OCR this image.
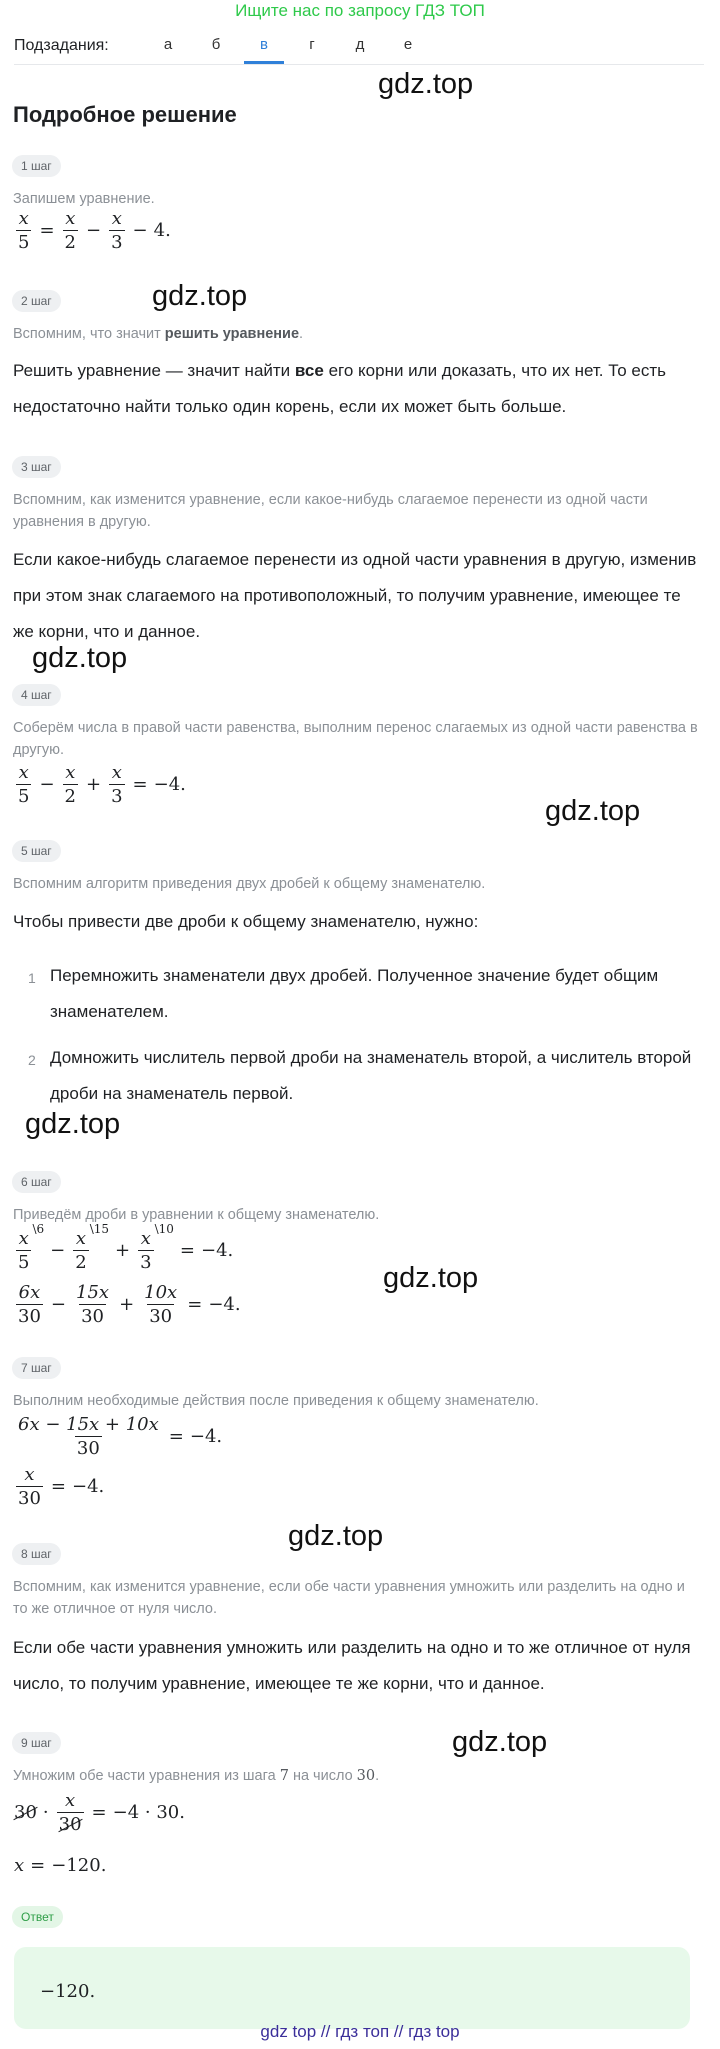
Ищите нас по запросу ГДЗ ТОП
Подзадания:	а	б	в	г	д	е
gdz.top
Подробное решение
1 шаг
Запишем уравнение.
$\frac{x}{5} = \frac{x}{2} - \frac{x}{3} - 4$.
gdz.top
2 шаг
Вспомним, что значит решить уравнение.
Решить уравнение — значит найти все его корни или доказать, что их нет. То есть недостаточно найти только один корень, если их может быть больше.
3 шаг
Вспомним, как изменится уравнение, если какое-нибудь слагаемое перенести из одной части уравнения в другую.
Если какое-нибудь слагаемое перенести из одной части уравнения в другую, изменив при этом знак слагаемого на противоположный, то получим уравнение, имеющее те же корни, что и данное.
gdz.top
4 шаг
Соберём числа в правой части равенства, выполним перенос слагаемых из одной части равенства в другую.
$\frac{x}{5} - \frac{x}{2} + \frac{x}{3} = -4$.
gdz.top
5 шаг
Вспомним алгоритм приведения двух дробей к общему знаменателю.
Чтобы привести две дроби к общему знаменателю, нужно:
1 Перемножить знаменатели двух дробей. Полученное значение будет общим знаменателем.
2 Домножить числитель первой дроби на знаменатель второй, а числитель второй дроби на знаменатель первой.
gdz.top
6 шаг
Приведём дроби в уравнении к общему знаменателю.
$\frac{x}{5}$ \6
− $\frac{x}{2}$ \15
+ $\frac{x}{3}$ \10
= −4.
$\frac{6x}{30} - \frac{15x}{30} + \frac{10x}{30} = -4$.
gdz.top
7 шаг
Выполним необходимые действия после приведения к общему знаменателю.
$\frac{6x - 15x + 10x}{30} = -4$.
$\frac{x}{30} = -4$.
gdz.top
8 шаг
Вспомним, как изменится уравнение, если обе части уравнения умножить или разделить на одно и то же отличное от нуля число.
Если обе части уравнения умножить или разделить на одно и то же отличное от нуля число, то получим уравнение, имеющее те же корни, что и данное.
gdz.top
9 шаг
Умножим обе части уравнения из шага 7 на число 30.
$30 \cdot \frac{x}{30} = -4 \cdot 30$.
x = −120.
Ответ
−120.
gdz top // гдз топ // гдз top
